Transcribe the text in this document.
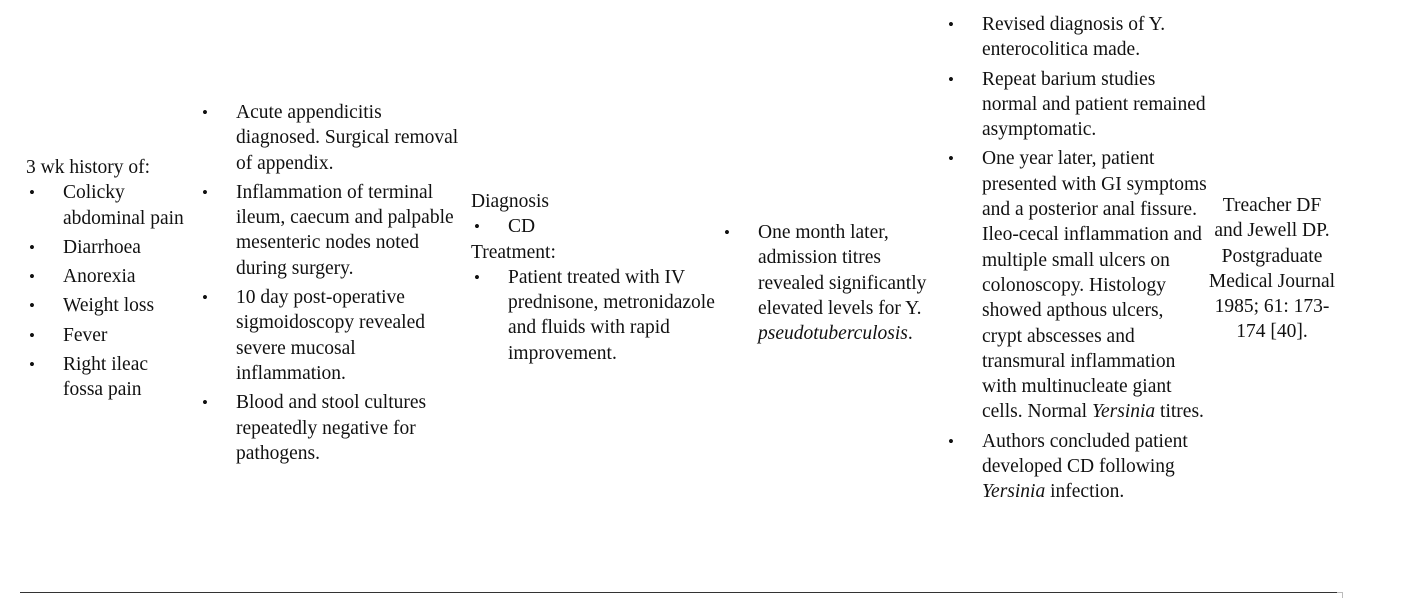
3 wk history of:
• Colicky abdominal pain
• Diarrhoea
• Anorexia
• Weight loss
• Fever
• Right ileac fossa pain
• Acute appendicitis diagnosed. Surgical removal of appendix.
• Inflammation of terminal ileum, caecum and palpable mesenteric nodes noted during surgery.
• 10 day post-operative sigmoidoscopy revealed severe mucosal inflammation.
• Blood and stool cultures repeatedly negative for pathogens.
Diagnosis
• CD
Treatment:
• Patient treated with IV prednisone, metronidazole and fluids with rapid improvement.
• One month later, admission titres revealed significantly elevated levels for Y. pseudotuberculosis.
• Revised diagnosis of Y. enterocolitica made.
• Repeat barium studies normal and patient remained asymptomatic.
• One year later, patient presented with GI symptoms and a posterior anal fissure. Ileo-cecal inflammation and multiple small ulcers on colonoscopy. Histology showed apthous ulcers, crypt abscesses and transmural inflammation with multinucleate giant cells. Normal Yersinia titres.
• Authors concluded patient developed CD following Yersinia infection.
Treacher DF and Jewell DP. Postgraduate Medical Journal 1985; 61: 173-174 [40].
